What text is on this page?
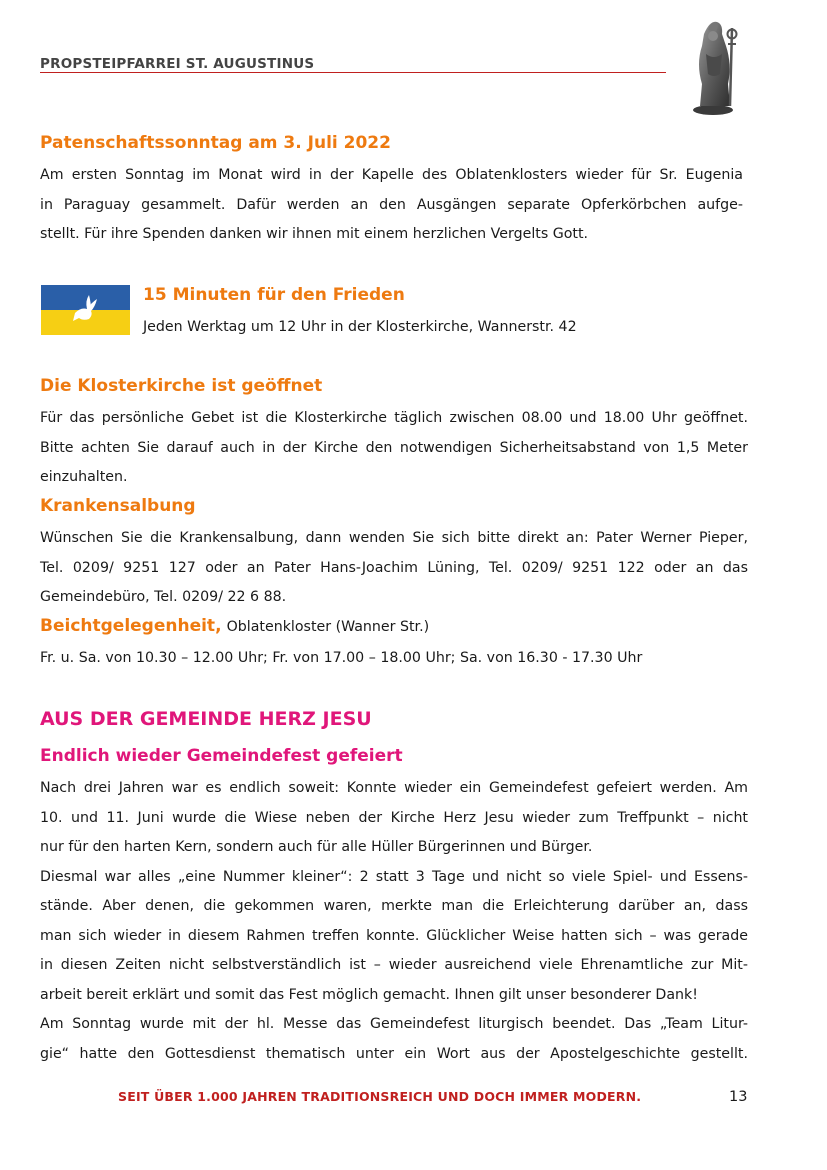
PROPSTEIPFARREI ST. AUGUSTINUS
Patenschaftssonntag am 3. Juli 2022
Am ersten Sonntag im Monat wird in der Kapelle des Oblatenklosters wieder für Sr. Eugenia
in Paraguay gesammelt. Dafür werden an den Ausgängen separate Opferkörbchen aufge-
stellt. Für ihre Spenden danken wir ihnen mit einem herzlichen Vergelts Gott.
15 Minuten für den Frieden
Jeden Werktag um 12 Uhr in der Klosterkirche, Wannerstr. 42
Die Klosterkirche ist geöffnet
Für das persönliche Gebet ist die Klosterkirche täglich zwischen 08.00 und 18.00 Uhr geöffnet.
Bitte achten Sie darauf auch in der Kirche den notwendigen Sicherheitsabstand von 1,5 Meter
einzuhalten.
Krankensalbung
Wünschen Sie die Krankensalbung, dann wenden Sie sich bitte direkt an: Pater Werner Pieper,
Tel. 0209/ 9251 127 oder an Pater Hans-Joachim Lüning, Tel. 0209/ 9251 122 oder an das
Gemeindebüro, Tel. 0209/ 22 6 88.
Beichtgelegenheit, Oblatenkloster (Wanner Str.)
Fr. u. Sa. von 10.30 – 12.00 Uhr; Fr. von 17.00 – 18.00 Uhr; Sa. von 16.30 - 17.30 Uhr
AUS DER GEMEINDE HERZ JESU
Endlich wieder Gemeindefest gefeiert
Nach drei Jahren war es endlich soweit: Konnte wieder ein Gemeindefest gefeiert werden. Am
10. und 11. Juni wurde die Wiese neben der Kirche Herz Jesu wieder zum Treffpunkt – nicht
nur für den harten Kern, sondern auch für alle Hüller Bürgerinnen und Bürger.
Diesmal war alles „eine Nummer kleiner“: 2 statt 3 Tage und nicht so viele Spiel- und Essens-
stände. Aber denen, die gekommen waren, merkte man die Erleichterung darüber an, dass
man sich wieder in diesem Rahmen treffen konnte. Glücklicher Weise hatten sich – was gerade
in diesen Zeiten nicht selbstverständlich ist – wieder ausreichend viele Ehrenamtliche zur Mit-
arbeit bereit erklärt und somit das Fest möglich gemacht. Ihnen gilt unser besonderer Dank!
Am Sonntag wurde mit der hl. Messe das Gemeindefest liturgisch beendet. Das „Team Litur-
gie“ hatte den Gottesdienst thematisch unter ein Wort aus der Apostelgeschichte gestellt.
SEIT ÜBER 1.000 JAHREN TRADITIONSREICH UND DOCH IMMER MODERN.	13
